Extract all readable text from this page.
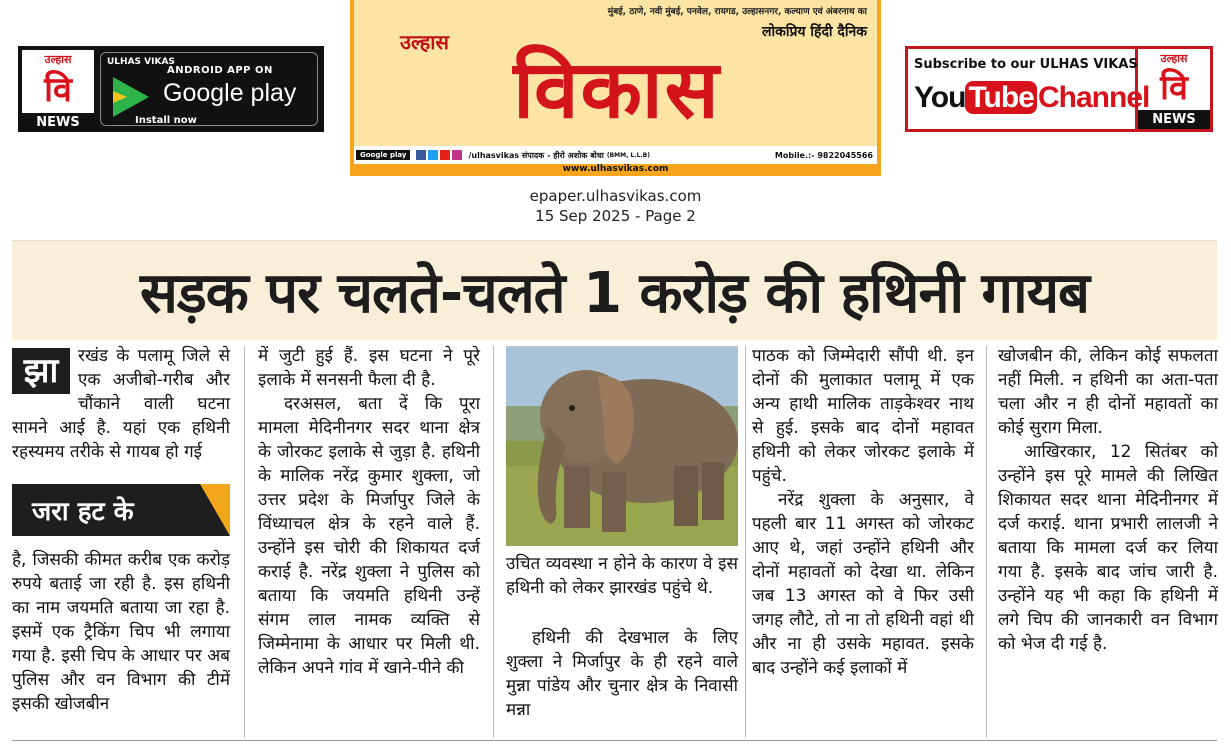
उल्हास
वि
NEWS
ULHAS VIKAS
ANDROID APP ON
Google play
Install now
मुंबई, ठाणे, नवी मुंबई, पनवेल, रायगड, उल्हासनगर, कल्याण एवं अंबरनाथ का
उल्हास	लोकप्रिय हिंदी दैनिक
विकास
Google play	/ulhasvikas संपादक - हीरो अशोक बोधा (BMM, L.L.B)	Mobile.:- 9822045566
www.ulhasvikas.com
Subscribe to our ULHAS VIKAS
You Tube Channel
उल्हास
वि
NEWS
epaper.ulhasvikas.com
15 Sep 2025 - Page 2
सड़क पर चलते-चलते 1 करोड़ की हथिनी गायब
झा	रखंड के पलामू जिले से एक अजीबो-गरीब और चौंकाने वाली घटना सामने आई है. यहां एक हथिनी रहस्यमय तरीके से गायब हो गई
जरा हट के
है, जिसकी कीमत करीब एक करोड़ रुपये बताई जा रही है. इस हथिनी का नाम जयमति बताया जा रहा है. इसमें एक ट्रैकिंग चिप भी लगाया गया है. इसी चिप के आधार पर अब पुलिस और वन विभाग की टीमें इसकी खोजबीन

में जुटी हुई हैं. इस घटना ने पूरे इलाके में सनसनी फैला दी है.

दरअसल, बता दें कि पूरा मामला मेदिनीनगर सदर थाना क्षेत्र के जोरकट इलाके से जुड़ा है. हथिनी के मालिक नरेंद्र कुमार शुक्ला, जो उत्तर प्रदेश के मिर्जापुर जिले के विंध्याचल क्षेत्र के रहने वाले हैं. उन्होंने इस चोरी की शिकायत दर्ज कराई है. नरेंद्र शुक्ला ने पुलिस को बताया कि जयमति हथिनी उन्हें संगम लाल नामक व्यक्ति से जिम्मेनामा के आधार पर मिली थी. लेकिन अपने गांव में खाने-पीने की

उचित व्यवस्था न होने के कारण वे इस हथिनी को लेकर झारखंड पहुंचे थे.

हथिनी की देखभाल के लिए शुक्ला ने मिर्जापुर के ही रहने वाले मुन्ना पांडेय और चुनार क्षेत्र के निवासी मन्ना

पाठक को जिम्मेदारी सौंपी थी. इन दोनों की मुलाकात पलामू में एक अन्य हाथी मालिक ताड़केश्वर नाथ से हुई. इसके बाद दोनों महावत हथिनी को लेकर जोरकट इलाके में पहुंचे.

नरेंद्र शुक्ला के अनुसार, वे पहली बार 11 अगस्त को जोरकट आए थे, जहां उन्होंने हथिनी और दोनों महावतों को देखा था. लेकिन जब 13 अगस्त को वे फिर उसी जगह लौटे, तो ना तो हथिनी वहां थी और ना ही उसके महावत. इसके बाद उन्होंने कई इलाकों में

खोजबीन की, लेकिन कोई सफलता नहीं मिली. न हथिनी का अता-पता चला और न ही दोनों महावतों का कोई सुराग मिला.

आखिरकार, 12 सितंबर को उन्होंने इस पूरे मामले की लिखित शिकायत सदर थाना मेदिनीनगर में दर्ज कराई. थाना प्रभारी लालजी ने बताया कि मामला दर्ज कर लिया गया है. इसके बाद जांच जारी है. उन्होंने यह भी कहा कि हथिनी में लगे चिप की जानकारी वन विभाग को भेज दी गई है.
